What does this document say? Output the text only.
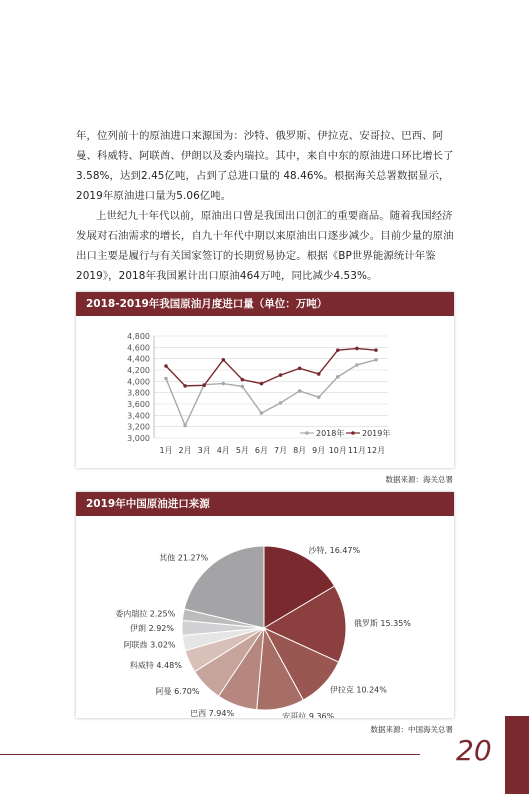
年，位列前十的原油进口来源国为：沙特、俄罗斯、伊拉克、安哥拉、巴西、阿曼、科威特、阿联酋、伊朗以及委内瑞拉。其中，来自中东的原油进口环比增长了3.58%，达到2.45亿吨，占到了总进口量的 48.46%。根据海关总署数据显示，2019年原油进口量为5.06亿吨。

上世纪九十年代以前，原油出口曾是我国出口创汇的重要商品。随着我国经济发展对石油需求的增长，自九十年代中期以来原油出口逐步减少。目前少量的原油出口主要是履行与有关国家签订的长期贸易协定。根据《BP世界能源统计年鉴2019》，2018年我国累计出口原油464万吨，同比减少4.53%。

2018-2019年我国原油月度进口量（单位：万吨）
4,800
4,600
4,400
4,200
4,000
3,800
3,600
3,400
3,200
3,000
1月 2月 3月 4月 5月 6月 7月 8月 9月 10月 11月 12月
2018年 2019年
数据来源：海关总署
2019年中国原油进口来源
沙特, 16.47%
俄罗斯 15.35%
伊拉克 10.24%
安哥拉 9.36%
巴西 7.94%
阿曼 6.70%
科威特 4.48%
阿联酋 3.02%
伊朗 2.92%
委内瑞拉 2.25%
其他 21.27%
数据来源：中国海关总署
20
